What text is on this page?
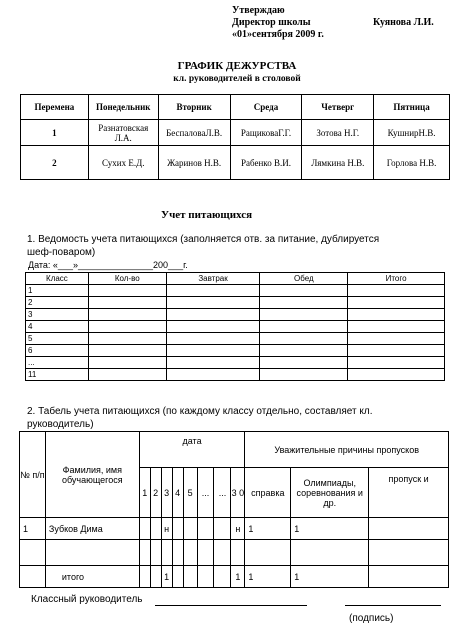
Утверждаю
Директор школы	Куянова Л.И.
«01»сентября 2009 г.
ГРАФИК ДЕЖУРСТВА
кл. руководителей в столовой
Перемена	Понедельник	Вторник	Среда	Четверг	Пятница
1	Разнатовская Л.А.	БеспаловаЛ.В.	РащиковаГ.Г.	Зотова Н.Г.	КушнирН.В.
2	Сухих Е.Д.	Жаринов Н.В.	Рабенко В.И.	Лямкина Н.В.	Горлова Н.В.
Учет питающихся
1. Ведомость учета питающихся (заполняется отв. за питание, дублируется
шеф-поваром)
Дата: «___»_______________200___г.
Класс	Кол-во	Завтрак	Обед	Итого
1				
2				
3				
4				
5				
6				
...				
11				
2. Табель учета питающихся (по каждому классу отдельно, составляет кл.
руководитель)
№ п/п	Фамилия, имя обучающегося	дата								Уважительные причины пропусков		
		1	2	3	4	5	...	...	3 0	справка	Олимпиады, соревнования и др.	пропуск и
1	Зубков Дима			н					н	1	1	

	итого			1					1	1	1	
Классный руководитель
(подпись)
